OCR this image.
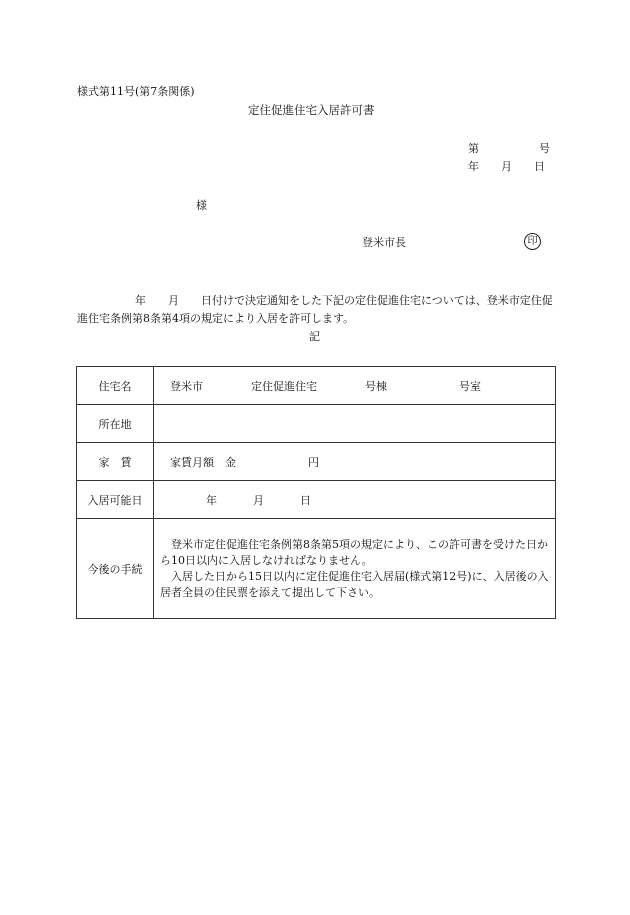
様式第11号(第7条関係)
定住促進住宅入居許可書
第	号
年 月 日
様
登米市長	印
年 月 日付けで決定通知をした下記の定住促進住宅については、登米市定住促進住宅条例第8条第4項の規定により入居を許可します。
記
住宅名	登米市 定住促進住宅 号棟 号室
所在地	
家　賃	家賃月額　金 円
入居可能日	年 月 日
今後の手続	登米市定住促進住宅条例第8条第5項の規定により、この許可書を受けた日から10日以内に入居しなければなりません。

入居した日から15日以内に定住促進住宅入居届(様式第12号)に、入居後の入居者全員の住民票を添えて提出して下さい。
